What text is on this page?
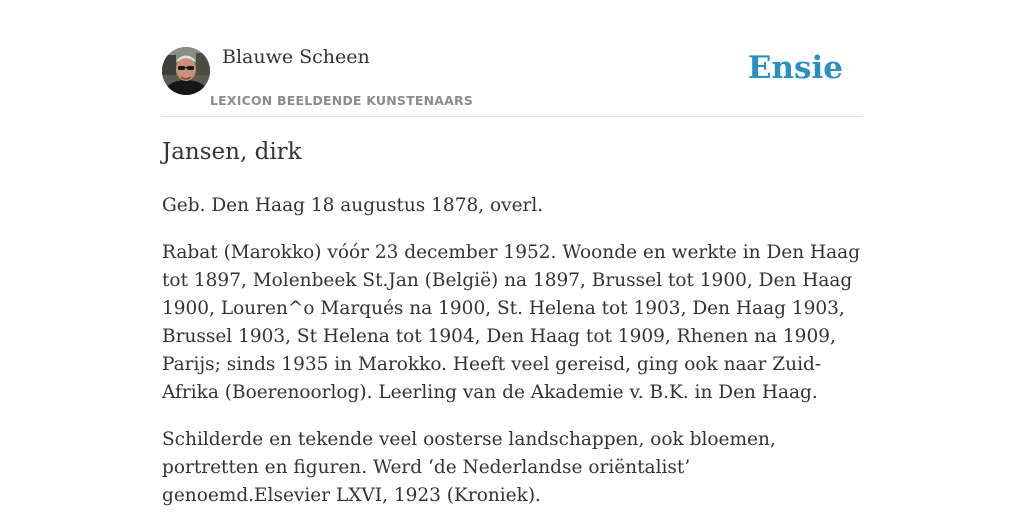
Blauwe Scheen
LEXICON BEELDENDE KUNSTENAARS
Ensie
Jansen, dirk

Geb. Den Haag 18 augustus 1878, overl.

Rabat (Marokko) vóór 23 december 1952. Woonde en werkte in Den Haag tot 1897, Molenbeek St.Jan (België) na 1897, Brussel tot 1900, Den Haag 1900, Louren^o Marqués na 1900, St. Helena tot 1903, Den Haag 1903, Brussel 1903, St Helena tot 1904, Den Haag tot 1909, Rhenen na 1909, Parijs; sinds 1935 in Marokko. Heeft veel gereisd, ging ook naar Zuid-Afrika (Boerenoorlog). Leerling van de Akademie v. B.K. in Den Haag.

Schilderde en tekende veel oosterse landschappen, ook bloemen, portretten en figuren. Werd ‘de Nederlandse oriëntalist’ genoemd.Elsevier LXVI, 1923 (Kroniek).
